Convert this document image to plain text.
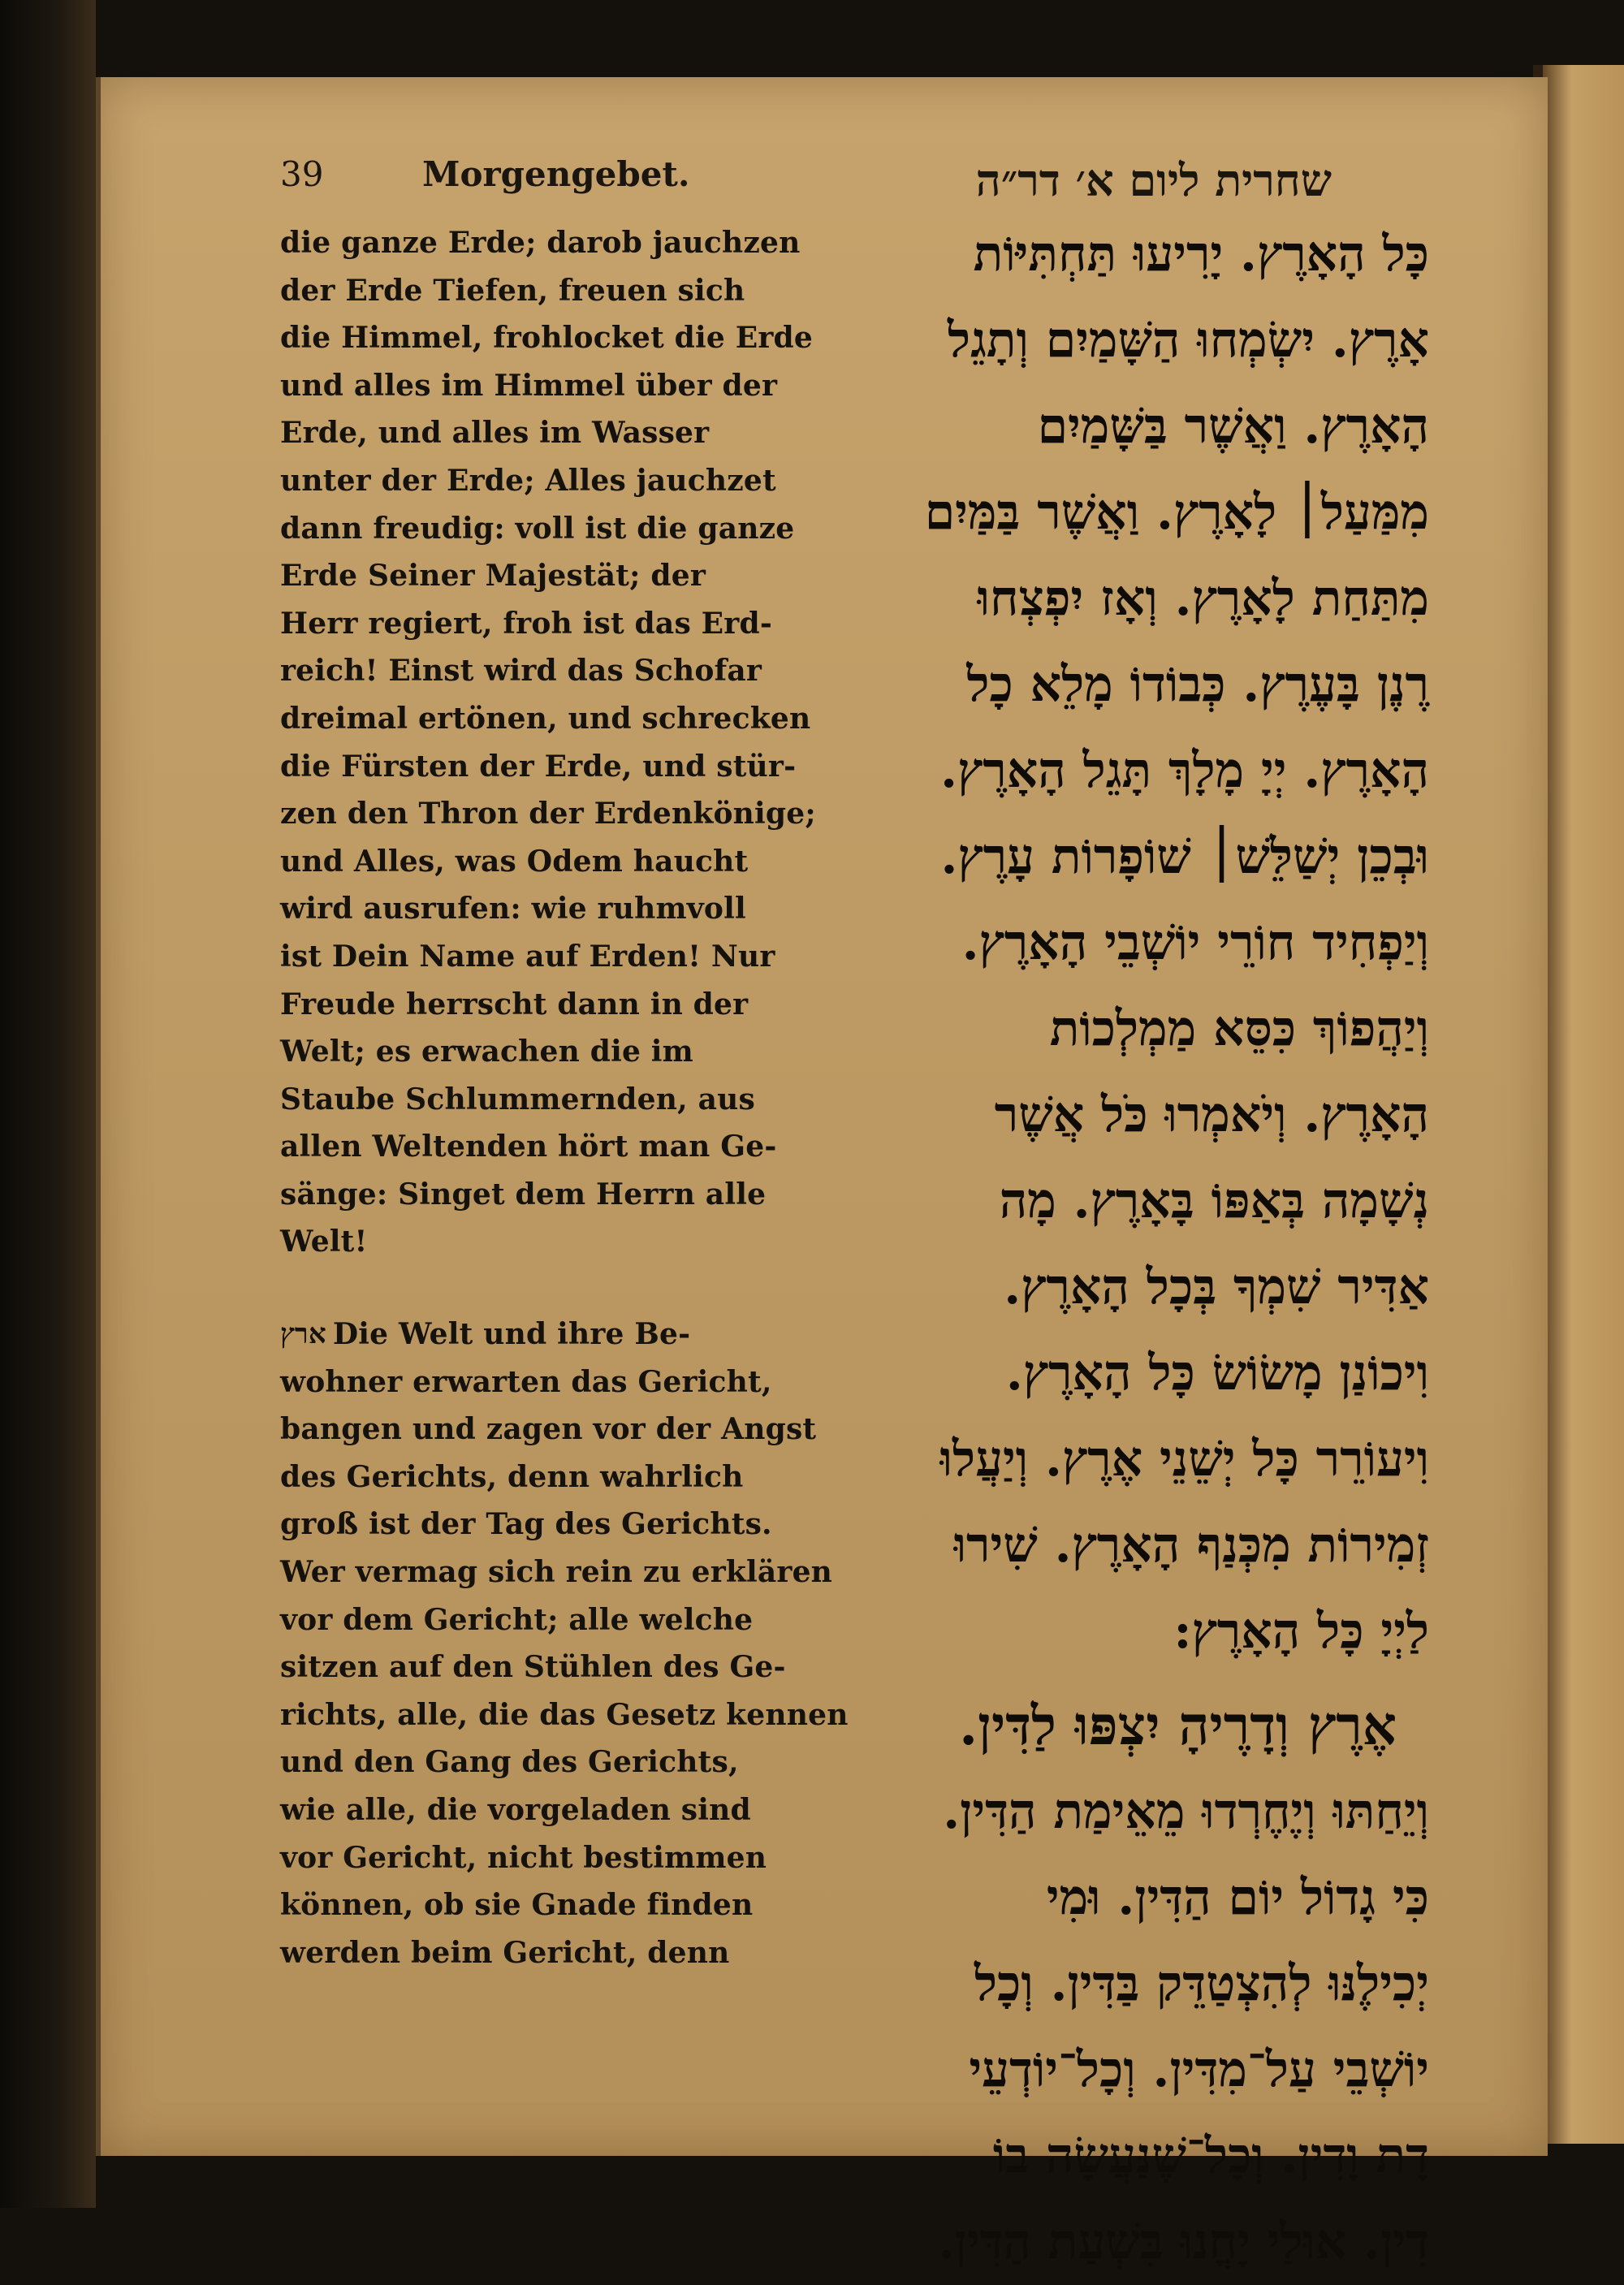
39	Morgengebet.	שחרית ליום א׳ דר״ה
die ganze Erde; darob jauchzen
der Erde Tiefen, freuen sich
die Himmel, frohlocket die Erde
und alles im Himmel über der
Erde, und alles im Wasser
unter der Erde; Alles jauchzet
dann freudig: voll ist die ganze
Erde Seiner Majestät; der
Herr regiert, froh ist das Erd-
reich! Einst wird das Schofar
dreimal ertönen, und schrecken
die Fürsten der Erde, und stür-
zen den Thron der Erdenkönige;
und Alles, was Odem haucht
wird ausrufen: wie ruhmvoll
ist Dein Name auf Erden! Nur
Freude herrscht dann in der
Welt; es erwachen die im
Staube Schlummernden, aus
allen Weltenden hört man Ge-
sänge: Singet dem Herrn alle
Welt!
ארץ Die Welt und ihre Be-
wohner erwarten das Gericht,
bangen und zagen vor der Angst
des Gerichts, denn wahrlich
groß ist der Tag des Gerichts.
Wer vermag sich rein zu erklären
vor dem Gericht; alle welche
sitzen auf den Stühlen des Ge-
richts, alle, die das Gesetz kennen
und den Gang des Gerichts,
wie alle, die vorgeladen sind
vor Gericht, nicht bestimmen
können, ob sie Gnade finden
werden beim Gericht, denn
כָּל הָאָרֶץ. יָרִיעוּ תַּחְתִּיּוֹת
אָרֶץ. יִשְׂמְחוּ הַשָּׁמַיִם וְתָגֵל
הָאָרֶץ. וַאֲשֶׁר בַּשָּׁמַיִם
מִמַּעַל׀ לָאָרֶץ. וַאֲשֶׁר בַּמַּיִם
מִתַּחַת לָאָרֶץ. וְאָז יִפְצְחוּ
רֶנֶן בָּעֶרֶץ. כְּבוֹדוֹ מָלֵא כָל
הָאָרֶץ. יְיָ מָלָךְ תָּגֵל הָאָרֶץ.
וּבְכֵן יְשַׁלֵּשׁ׀ שׁוֹפָרוֹת עָרֶץ.
וְיַפְחִיד חוֹרֵי יוֹשְׁבֵי הָאָרֶץ.
וְיַהֲפוֹךְ כִּסֵּא מַמְלְכוֹת
הָאָרֶץ. וְיֹאמְרוּ כֹּל אֲשֶׁר
נְשָׁמָה בְּאַפּוֹ בָּאָרֶץ. מָה
אַדִּיר שִׁמְךָ בְּכָל הָאָרֶץ.
וִיכוֹנַן מָשׂוֹשׂ כָּל הָאָרֶץ.
וִיעוֹרֵר כָּל יְשֵׁנֵי אֶרֶץ. וְיַעֲלוּ
זְמִירוֹת מִכְּנַף הָאָרֶץ. שִׁירוּ
לַיְיָ כָּל הָאָרֶץ:
אֶרֶץ וְדָרֶיהָ יִצְפּוּ לַדִּין.
וְיֵחַתּוּ וְיֶחֶרְדוּ מֵאֵימַת הַדִּין.
כִּי גָדוֹל יוֹם הַדִּין. וּמִי
יְכִילֶנּוּ לְהִצְטַדֵּק בַּדִּין. וְכָל
יוֹשְׁבֵי עַל־מִדִּין. וְכָל־יוֹדְעֵי
דָת וָדִין. וְכָל־שֶׁנַּעֲשָׂה בוֹ
דִין. אוּלַי יָחֳנוּ בִּשְׁעַת הַדִּין.
